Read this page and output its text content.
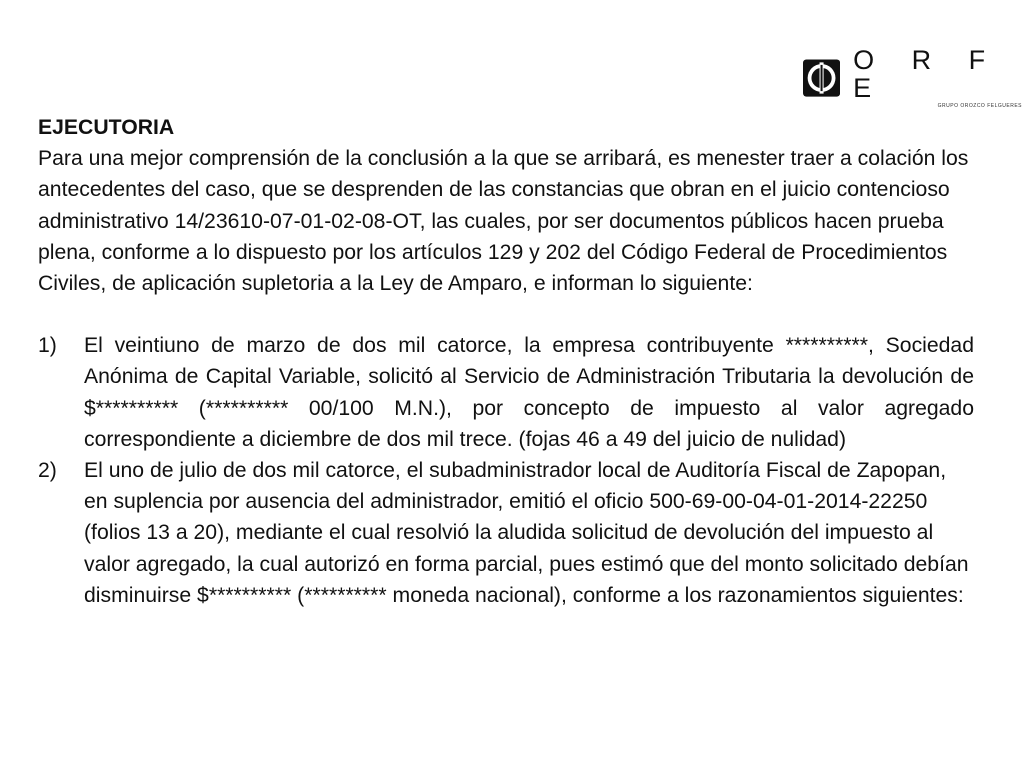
O R F E
GRUPO OROZCO FELGUERES
EJECUTORIA

Para una mejor comprensión de la conclusión a la que se arribará, es menester traer a colación los antecedentes del caso, que se desprenden de las constancias que obran en el juicio contencioso administrativo 14/23610-07-01-02-08-OT, las cuales, por ser documentos públicos hacen prueba plena, conforme a lo dispuesto por los artículos 129 y 202 del Código Federal de Procedimientos Civiles, de aplicación supletoria a la Ley de Amparo, e informan lo siguiente:

1)	El veintiuno de marzo de dos mil catorce, la empresa contribuyente **********, Sociedad Anónima de Capital Variable, solicitó al Servicio de Administración Tributaria la devolución de $********** (********** 00/100 M.N.), por concepto de impuesto al valor agregado correspondiente a diciembre de dos mil trece. (fojas 46 a 49 del juicio de nulidad)
2)	El uno de julio de dos mil catorce, el subadministrador local de Auditoría Fiscal de Zapopan, en suplencia por ausencia del administrador, emitió el oficio 500-69-00-04-01-2014-22250 (folios 13 a 20), mediante el cual resolvió la aludida solicitud de devolución del impuesto al valor agregado, la cual autorizó en forma parcial, pues estimó que del monto solicitado debían disminuirse $********** (********** moneda nacional), conforme a los razonamientos siguientes:
